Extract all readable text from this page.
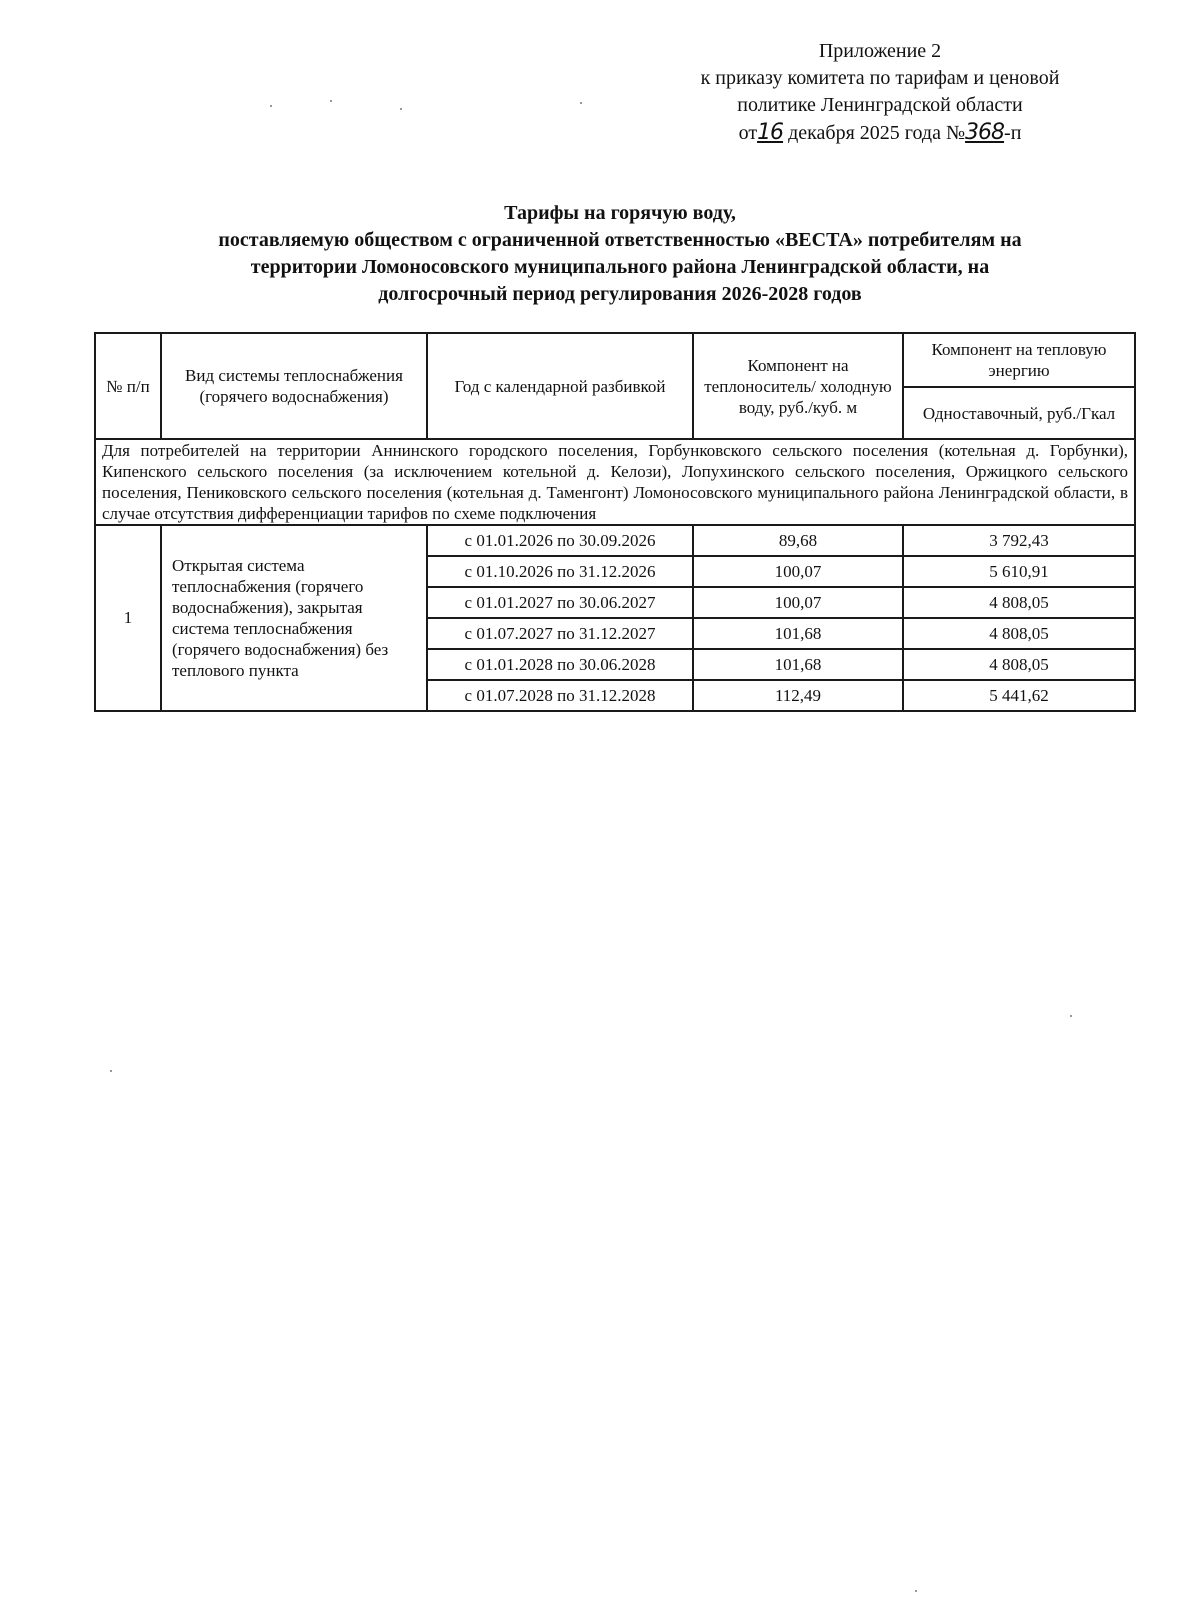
Приложение 2
к приказу комитета по тарифам и ценовой
политике Ленинградской области
от16 декабря 2025 года №368-п
Тарифы на горячую воду,
поставляемую обществом с ограниченной ответственностью «ВЕСТА» потребителям на
территории Ломоносовского муниципального района Ленинградской области, на
долгосрочный период регулирования 2026-2028 годов
№ п/п	Вид системы теплоснабжения (горячего водоснабжения)	Год с календарной разбивкой	Компонент на теплоноситель/ холодную воду, руб./куб. м	Компонент на тепловую энергию
				Одноставочный, руб./Гкал
Для потребителей на территории Аннинского городского поселения, Горбунковского сельского поселения (котельная д. Горбунки), Кипенского сельского поселения (за исключением котельной д. Келози), Лопухинского сельского поселения, Оржицкого сельского поселения, Пениковского сельского поселения (котельная д. Таменгонт) Ломоносовского муниципального района Ленинградской области, в случае отсутствия дифференциации тарифов по схеме подключения				
1	Открытая система теплоснабжения (горячего водоснабжения), закрытая система теплоснабжения (горячего водоснабжения) без теплового пункта	с 01.01.2026 по 30.09.2026	89,68	3 792,43
		с 01.10.2026 по 31.12.2026	100,07	5 610,91
		с 01.01.2027 по 30.06.2027	100,07	4 808,05
		с 01.07.2027 по 31.12.2027	101,68	4 808,05
		с 01.01.2028 по 30.06.2028	101,68	4 808,05
		с 01.07.2028 по 31.12.2028	112,49	5 441,62
